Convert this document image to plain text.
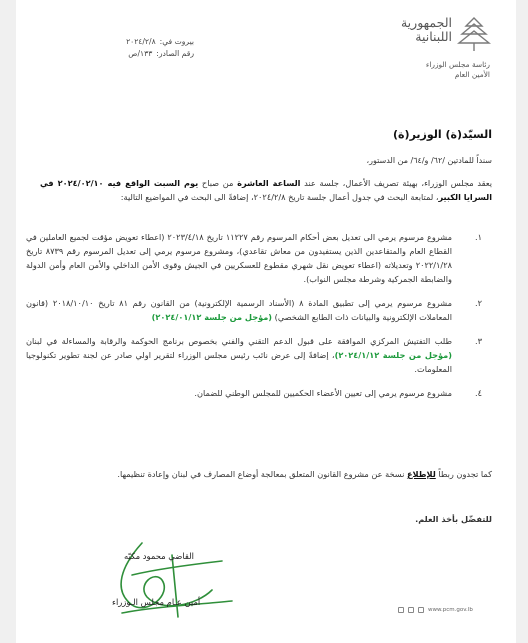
بيروت في:
٢٠٢٤/٢/٨
رقم الصادر:
١٣٣/ص
الجمهورية
اللبنانية
رئاسة مجلس الوزراء
الأمين العام
السيّد(ة) الوزير(ة)
سنداً للمادتين /٦٢/ و/٦٤/ من الدستور،
يعقد مجلس الوزراء، بهيئة تصريف الأعمال، جلسة عند الساعة العاشرة من صباح يوم السبت الواقع فيه ٢٠٢٤/٠٢/١٠ في السرايا الكبير، لمتابعة البحث في جدول أعمال جلسة تاريخ ٢٠٢٤/٢/٨، إضافةً الى البحث في المواضيع التالية:
١.
مشروع مرسوم يرمي الى تعديل بعض أحكام المرسوم رقم ١١٢٢٧ تاريخ ٢٠٢٣/٤/١٨ (اعطاء تعويض مؤقت لجميع العاملين في القطاع العام والمتقاعدين الذين يستفيدون من معاش تقاعدي)، ومشروع مرسوم يرمي إلى تعديل المرسوم رقم ٨٧٣٩ تاريخ ٢٠٢٢/١/٢٨ وتعديلاته (اعطاء تعويض نقل شهري مقطوع للعسكريين في الجيش وقوى الأمن الداخلي والأمن العام وأمن الدولة والضابطة الجمركية وشرطة مجلس النواب).
٢.
مشروع مرسوم يرمي إلى تطبيق المادة ٨ (الأسناد الرسمية الإلكترونية) من القانون رقم ٨١ تاريخ ٢٠١٨/١٠/١٠ (قانون المعاملات الإلكترونية والبيانات ذات الطابع الشخصي) (مؤجل من جلسة ٢٠٢٤/٠١/١٢)
٣.
طلب التفتيش المركزي الموافقة على قبول الدعم التقني والفني بخصوص برنامج الحوكمة والرقابة والمساءلة في لبنان (مؤجل من جلسة ٢٠٢٤/١/١٢)، إضافةً إلى عرض نائب رئيس مجلس الوزراء لتقرير اولي صادر عن لجنة تطوير تكنولوجيا المعلومات.
٤.
مشروع مرسوم يرمي إلى تعيين الأعضاء الحكميين للمجلس الوطني للضمان.
كما تجدون ربطاً للإطلاع نسخة عن مشروع القانون المتعلق بمعالجة أوضاع المصارف في لبنان وإعادة تنظيمها.
للتفضّل بأخذ العلم.
القاضي محمود مكيّه
أمين عـام مجلس الـوزراء
www.pcm.gov.lb
